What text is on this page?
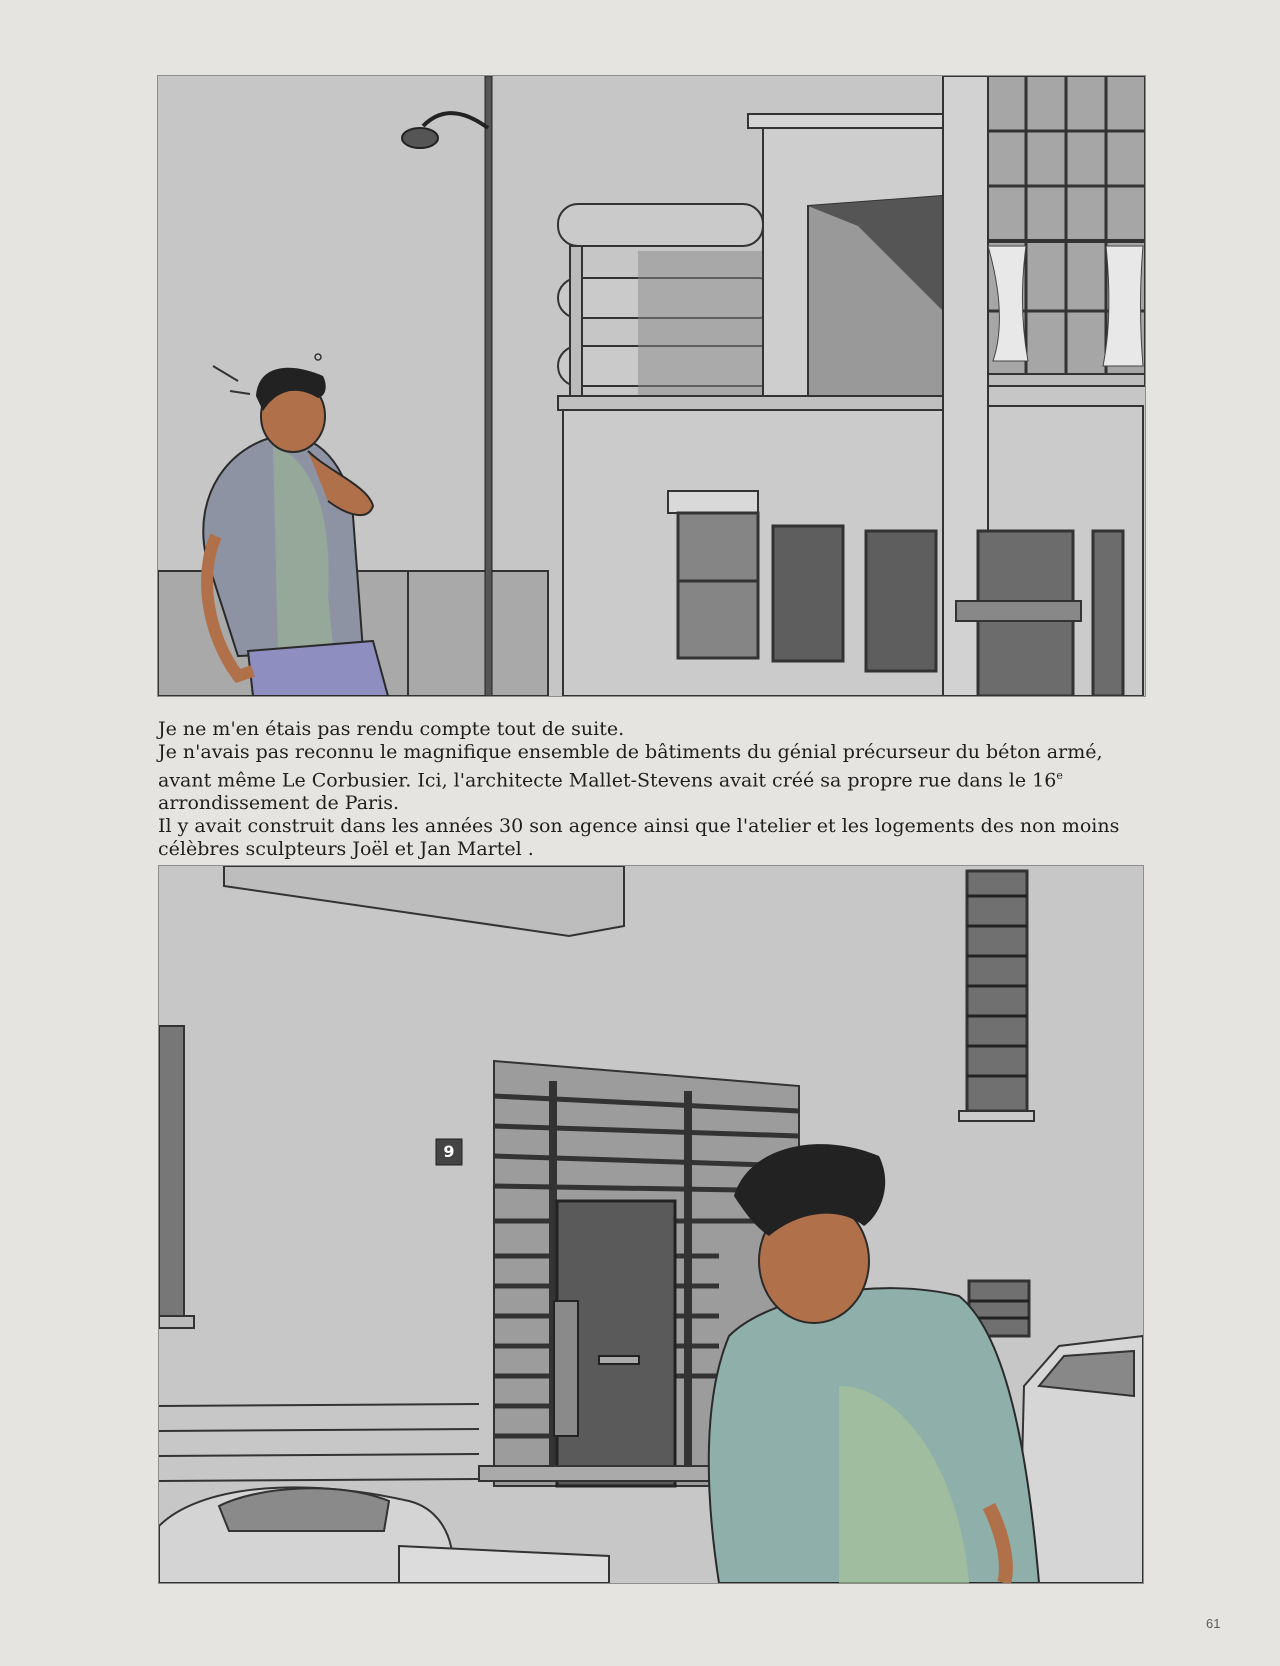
Je ne m'en étais pas rendu compte tout de suite.

Je n'avais pas reconnu le magnifique ensemble de bâtiments du génial précurseur du béton armé, avant même Le Corbusier. Ici, l'architecte Mallet-Stevens avait créé sa propre rue dans le 16e arrondissement de Paris.

Il y avait construit dans les années 30 son agence ainsi que l'atelier et les logements des non moins célèbres sculpteurs Joël et Jan Martel .

9
61
